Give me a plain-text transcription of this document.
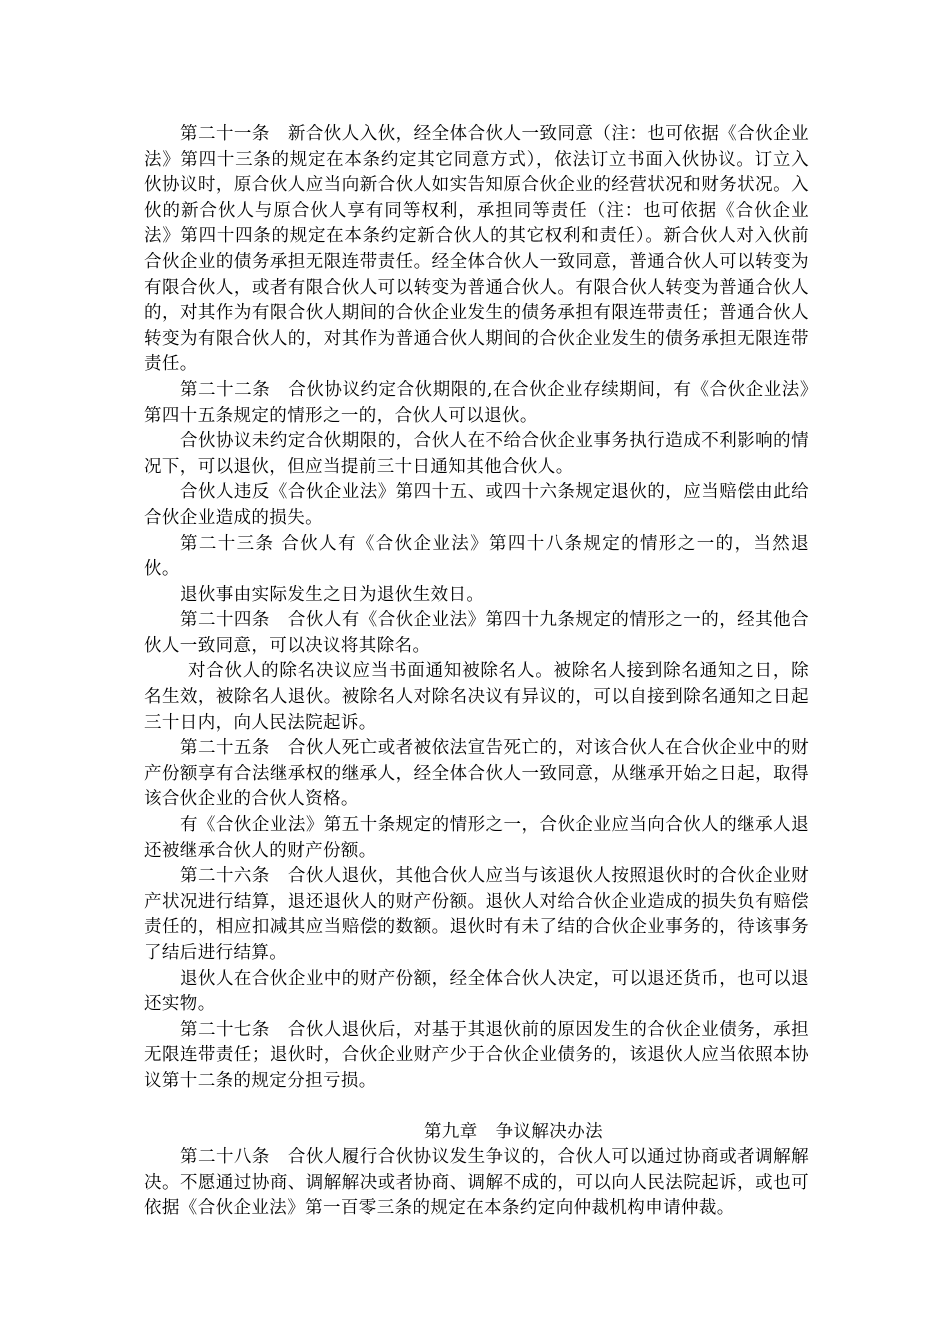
第二十一条　新合伙人入伙，经全体合伙人一致同意（注：也可依据《合伙企业法》第四十三条的规定在本条约定其它同意方式），依法订立书面入伙协议。订立入伙协议时，原合伙人应当向新合伙人如实告知原合伙企业的经营状况和财务状况。入伙的新合伙人与原合伙人享有同等权利，承担同等责任（注：也可依据《合伙企业法》第四十四条的规定在本条约定新合伙人的其它权利和责任）。新合伙人对入伙前合伙企业的债务承担无限连带责任。经全体合伙人一致同意，普通合伙人可以转变为有限合伙人，或者有限合伙人可以转变为普通合伙人。有限合伙人转变为普通合伙人的，对其作为有限合伙人期间的合伙企业发生的债务承担有限连带责任；普通合伙人转变为有限合伙人的，对其作为普通合伙人期间的合伙企业发生的债务承担无限连带责任。

第二十二条　合伙协议约定合伙期限的,在合伙企业存续期间，有《合伙企业法》第四十五条规定的情形之一的，合伙人可以退伙。

合伙协议未约定合伙期限的，合伙人在不给合伙企业事务执行造成不利影响的情况下，可以退伙，但应当提前三十日通知其他合伙人。

合伙人违反《合伙企业法》第四十五、或四十六条规定退伙的，应当赔偿由此给合伙企业造成的损失。

第二十三条 合伙人有《合伙企业法》第四十八条规定的情形之一的，当然退伙。

退伙事由实际发生之日为退伙生效日。

第二十四条　合伙人有《合伙企业法》第四十九条规定的情形之一的，经其他合伙人一致同意，可以决议将其除名。

对合伙人的除名决议应当书面通知被除名人。被除名人接到除名通知之日，除名生效，被除名人退伙。被除名人对除名决议有异议的，可以自接到除名通知之日起三十日内，向人民法院起诉。

第二十五条　合伙人死亡或者被依法宣告死亡的，对该合伙人在合伙企业中的财产份额享有合法继承权的继承人，经全体合伙人一致同意，从继承开始之日起，取得该合伙企业的合伙人资格。

有《合伙企业法》第五十条规定的情形之一，合伙企业应当向合伙人的继承人退还被继承合伙人的财产份额。

第二十六条　合伙人退伙，其他合伙人应当与该退伙人按照退伙时的合伙企业财产状况进行结算，退还退伙人的财产份额。退伙人对给合伙企业造成的损失负有赔偿责任的，相应扣减其应当赔偿的数额。退伙时有未了结的合伙企业事务的，待该事务了结后进行结算。

退伙人在合伙企业中的财产份额，经全体合伙人决定，可以退还货币，也可以退还实物。

第二十七条　合伙人退伙后，对基于其退伙前的原因发生的合伙企业债务，承担无限连带责任；退伙时，合伙企业财产少于合伙企业债务的，该退伙人应当依照本协议第十二条的规定分担亏损。

第九章　争议解决办法

第二十八条　合伙人履行合伙协议发生争议的，合伙人可以通过协商或者调解解决。不愿通过协商、调解解决或者协商、调解不成的，可以向人民法院起诉，或也可依据《合伙企业法》第一百零三条的规定在本条约定向仲裁机构申请仲裁。
